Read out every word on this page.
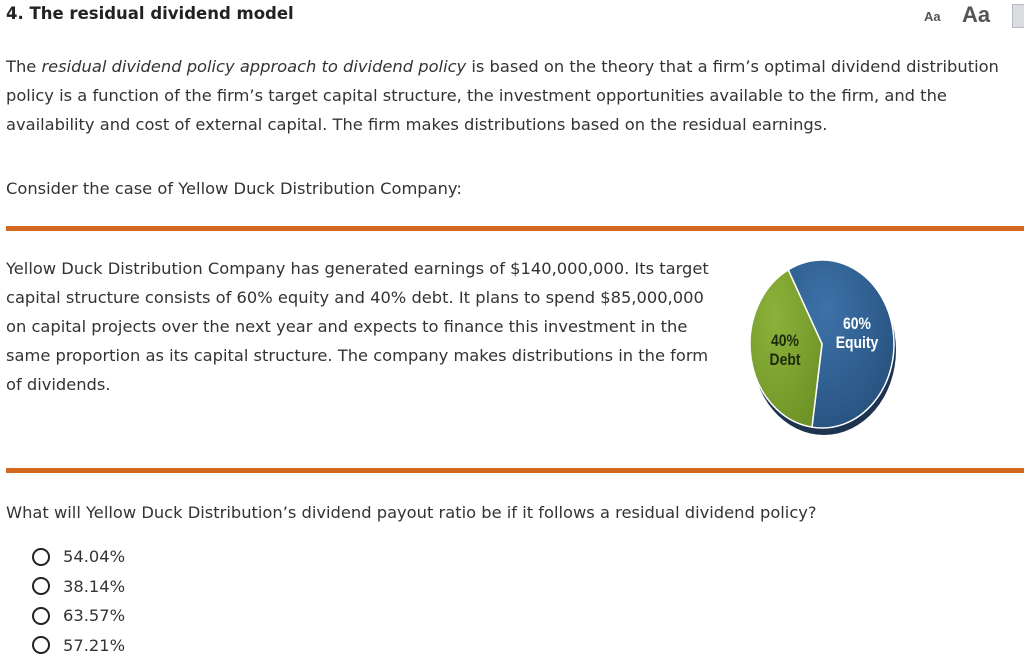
4. The residual dividend model	Aa Aa
The residual dividend policy approach to dividend policy is based on the theory that a firm’s optimal dividend distribution policy is a function of the firm’s target capital structure, the investment opportunities available to the firm, and the availability and cost of external capital. The firm makes distributions based on the residual earnings.
Consider the case of Yellow Duck Distribution Company:
Yellow Duck Distribution Company has generated earnings of $140,000,000. Its target capital structure consists of 60% equity and 40% debt. It plans to spend $85,000,000 on capital projects over the next year and expects to finance this investment in the same proportion as its capital structure. The company makes distributions in the form of dividends.
40%
Debt
60%
Equity
What will Yellow Duck Distribution’s dividend payout ratio be if it follows a residual dividend policy?
54.04%
38.14%
63.57%
57.21%
